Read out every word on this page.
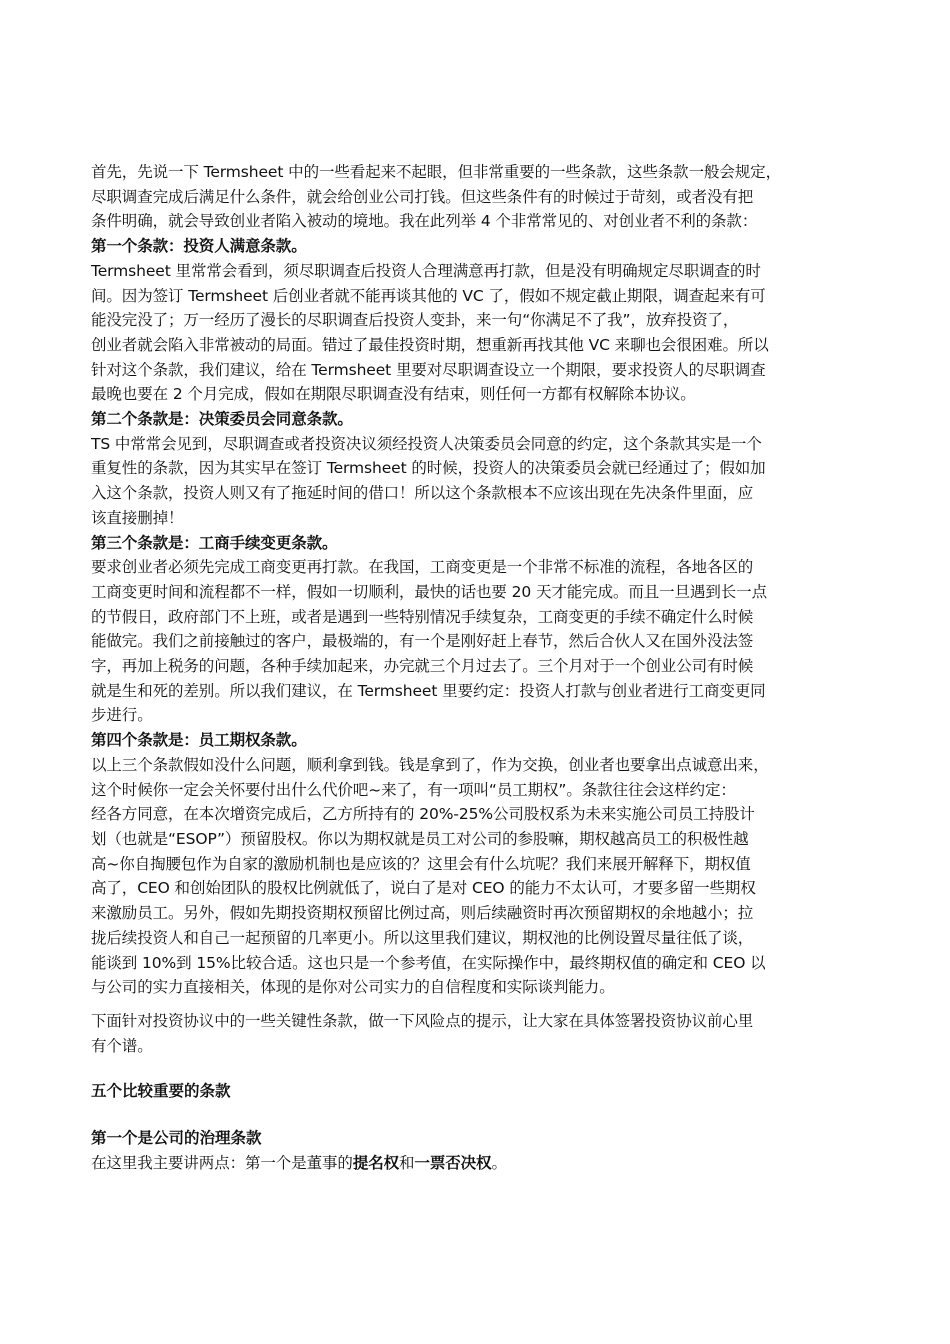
首先，先说一下 Termsheet 中的一些看起来不起眼，但非常重要的一些条款，这些条款一般会规定，
尽职调查完成后满足什么条件，就会给创业公司打钱。但这些条件有的时候过于苛刻，或者没有把
条件明确，就会导致创业者陷入被动的境地。我在此列举 4 个非常常见的、对创业者不利的条款：

第一个条款：投资人满意条款。

Termsheet 里常常会看到，须尽职调查后投资人合理满意再打款，但是没有明确规定尽职调查的时
间。因为签订 Termsheet 后创业者就不能再谈其他的 VC 了，假如不规定截止期限，调查起来有可
能没完没了；万一经历了漫长的尽职调查后投资人变卦，来一句“你满足不了我”，放弃投资了，
创业者就会陷入非常被动的局面。错过了最佳投资时期，想重新再找其他 VC 来聊也会很困难。所以
针对这个条款，我们建议，给在 Termsheet 里要对尽职调查设立一个期限，要求投资人的尽职调查
最晚也要在 2 个月完成，假如在期限尽职调查没有结束，则任何一方都有权解除本协议。

第二个条款是：决策委员会同意条款。

TS 中常常会见到，尽职调查或者投资决议须经投资人决策委员会同意的约定，这个条款其实是一个
重复性的条款，因为其实早在签订 Termsheet 的时候，投资人的决策委员会就已经通过了；假如加
入这个条款，投资人则又有了拖延时间的借口！所以这个条款根本不应该出现在先决条件里面，应
该直接删掉！

第三个条款是：工商手续变更条款。

要求创业者必须先完成工商变更再打款。在我国，工商变更是一个非常不标准的流程，各地各区的
工商变更时间和流程都不一样，假如一切顺利，最快的话也要 20 天才能完成。而且一旦遇到长一点
的节假日，政府部门不上班，或者是遇到一些特别情况手续复杂，工商变更的手续不确定什么时候
能做完。我们之前接触过的客户，最极端的，有一个是刚好赶上春节，然后合伙人又在国外没法签
字，再加上税务的问题，各种手续加起来，办完就三个月过去了。三个月对于一个创业公司有时候
就是生和死的差别。所以我们建议，在 Termsheet 里要约定：投资人打款与创业者进行工商变更同
步进行。

第四个条款是：员工期权条款。

以上三个条款假如没什么问题，顺利拿到钱。钱是拿到了，作为交换，创业者也要拿出点诚意出来，
这个时候你一定会关怀要付出什么代价吧~来了，有一项叫“员工期权”。条款往往会这样约定：
经各方同意，在本次增资完成后，乙方所持有的 20%-25%公司股权系为未来实施公司员工持股计
划（也就是“ESOP”）预留股权。你以为期权就是员工对公司的参股嘛，期权越高员工的积极性越
高~你自掏腰包作为自家的激励机制也是应该的？这里会有什么坑呢？我们来展开解释下，期权值
高了，CEO 和创始团队的股权比例就低了，说白了是对 CEO 的能力不太认可，才要多留一些期权
来激励员工。另外，假如先期投资期权预留比例过高，则后续融资时再次预留期权的余地越小；拉
拢后续投资人和自己一起预留的几率更小。所以这里我们建议，期权池的比例设置尽量往低了谈，
能谈到 10%到 15%比较合适。这也只是一个参考值，在实际操作中，最终期权值的确定和 CEO 以
与公司的实力直接相关，体现的是你对公司实力的自信程度和实际谈判能力。

下面针对投资协议中的一些关键性条款，做一下风险点的提示，让大家在具体签署投资协议前心里
有个谱。

五个比较重要的条款

第一个是公司的治理条款

在这里我主要讲两点：第一个是董事的提名权和一票否决权。
